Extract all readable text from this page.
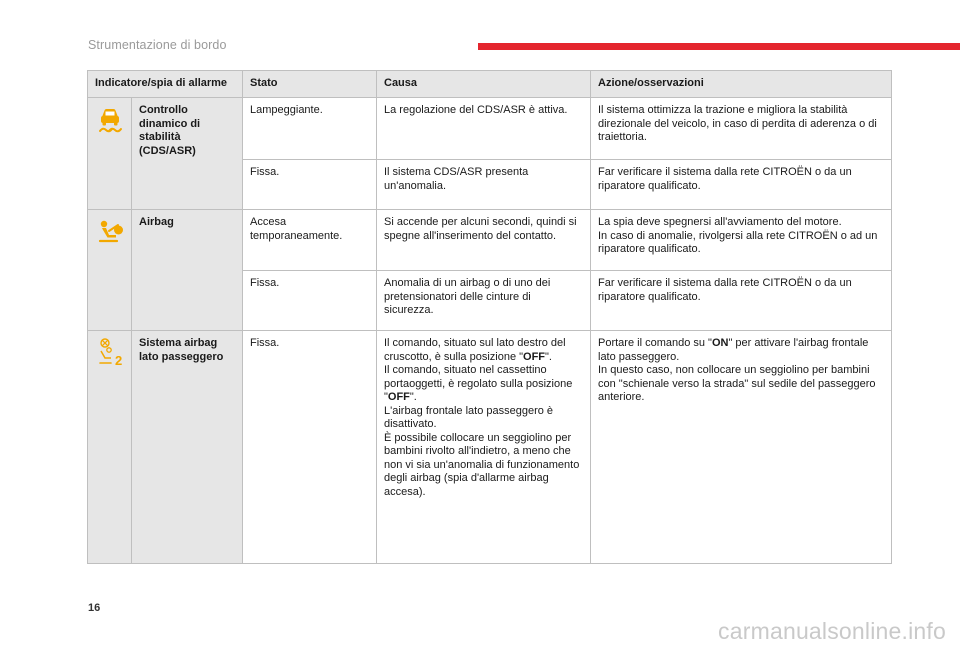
Strumentazione di bordo
Indicatore/spia di allarme		Stato	Causa	Azione/osservazioni

	Controllo dinamico di stabilità (CDS/ASR)	Lampeggiante.	La regolazione del CDS/ASR è attiva.	Il sistema ottimizza la trazione e migliora la stabilità direzionale del veicolo, in caso di perdita di aderenza o di traiettoria.
		Fissa.	Il sistema CDS/ASR presenta un'anomalia.	Far verificare il sistema dalla rete CITROËN o da un riparatore qualificato.

	Airbag	Accesa temporaneamente.	Si accende per alcuni secondi, quindi si spegne all'inserimento del contatto.	La spia deve spegnersi all'avviamento del motore.
In caso di anomalie, rivolgersi alla rete CITROËN o ad un riparatore qualificato.
		Fissa.	Anomalia di un airbag o di uno dei pretensionatori delle cinture di sicurezza.	Far verificare il sistema dalla rete CITROËN o da un riparatore qualificato.

2	Sistema airbag lato passeggero	Fissa.	Il comando, situato sul lato destro del cruscotto, è sulla posizione "OFF".
Il comando, situato nel cassettino portaoggetti, è regolato sulla posizione "OFF".
L'airbag frontale lato passeggero è disattivato.
È possibile collocare un seggiolino per bambini rivolto all'indietro, a meno che non vi sia un'anomalia di funzionamento degli airbag (spia d'allarme airbag accesa).	Portare il comando su "ON" per attivare l'airbag frontale lato passeggero.
In questo caso, non collocare un seggiolino per bambini con "schienale verso la strada" sul sedile del passeggero anteriore.
16
carmanualsonline.info
